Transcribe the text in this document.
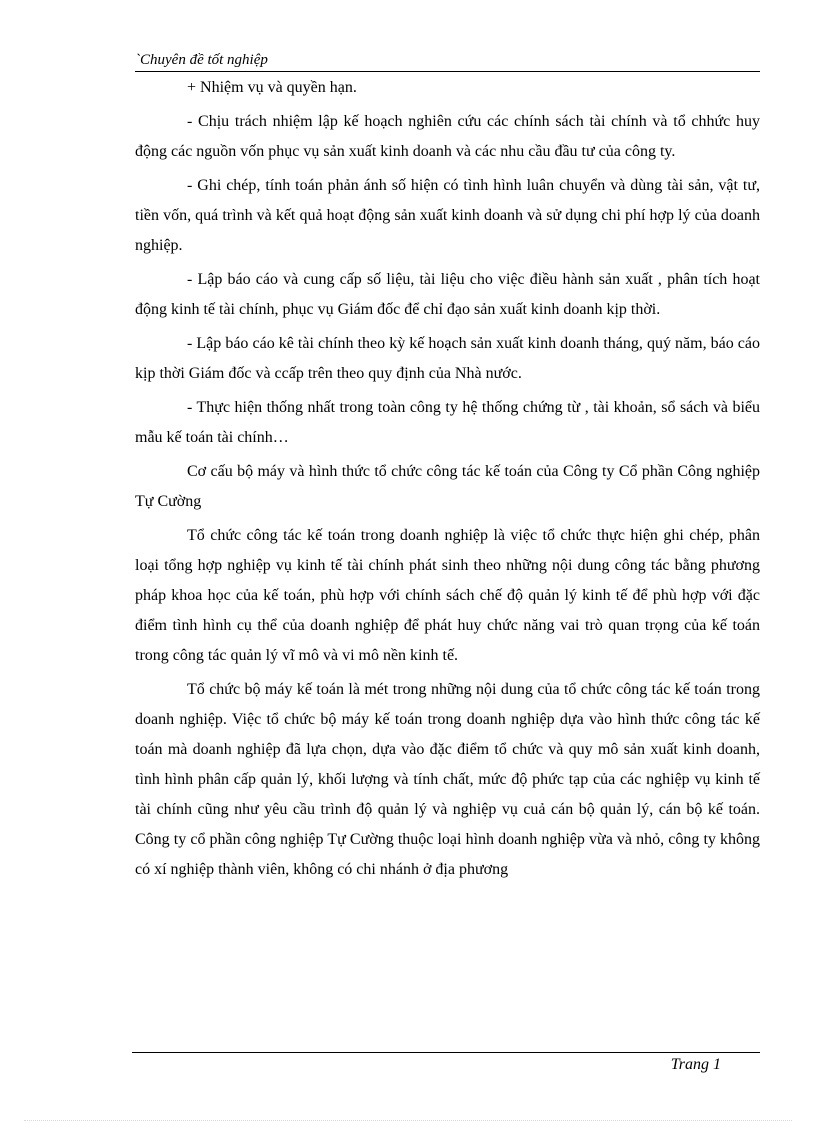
`Chuyên đề tốt nghiệp

+ Nhiệm vụ và quyền hạn.

- Chịu trách nhiệm lập kế hoạch nghiên cứu các chính sách tài chính và tổ chhức huy động các nguồn vốn phục vụ sản xuất kinh doanh và các nhu cầu đầu tư của công ty.

- Ghi chép, tính toán phản ánh số hiện có tình hình luân chuyển và dùng tài sản, vật tư, tiền vốn, quá trình và kết quả hoạt động sản xuất kinh doanh và sử dụng chi phí hợp lý của doanh nghiệp.

- Lập báo cáo và cung cấp số liệu, tài liệu cho việc điều hành sản xuất , phân tích hoạt động kinh tế tài chính, phục vụ Giám đốc để chỉ đạo sản xuất kinh doanh kịp thời.

- Lập báo cáo kê tài chính theo kỳ kế hoạch sản xuất kinh doanh tháng, quý năm, báo cáo kịp thời Giám đốc và ccấp trên theo quy định của Nhà nước.

- Thực hiện thống nhất trong toàn công ty hệ thống chứng từ , tài khoản, sổ sách và biểu mẫu kế toán tài chính…

Cơ cấu bộ máy và hình thức tổ chức công tác kế toán của Công ty Cổ phần Công nghiệp Tự Cường

Tổ chức công tác kế toán trong doanh nghiệp là việc tổ chức thực hiện ghi chép, phân loại tổng hợp nghiệp vụ kinh tế tài chính phát sinh theo những nội dung công tác bằng phương pháp khoa học của kế toán, phù hợp với chính sách chế độ quản lý kinh tế để phù hợp với đặc điểm tình hình cụ thể của doanh nghiệp để phát huy chức năng vai trò quan trọng của kế toán trong công tác quản lý vĩ mô và vi mô nền kinh tế.

Tổ chức bộ máy kế toán là mét trong những nội dung của tổ chức công tác kế toán trong doanh nghiệp. Việc tổ chức bộ máy kế toán trong doanh nghiệp dựa vào hình thức công tác kế toán mà doanh nghiệp đã lựa chọn, dựa vào đặc điểm tổ chức và quy mô sản xuất kinh doanh, tình hình phân cấp quản lý, khối lượng và tính chất, mức độ phức tạp của các nghiệp vụ kinh tế tài chính cũng như yêu cầu trình độ quản lý và nghiệp vụ cuả cán bộ quản lý, cán bộ kế toán. Công ty cổ phần công nghiệp Tự Cường thuộc loại hình doanh nghiệp vừa và nhỏ, công ty không có xí nghiệp thành viên, không có chi nhánh ở địa phương

Trang 1
